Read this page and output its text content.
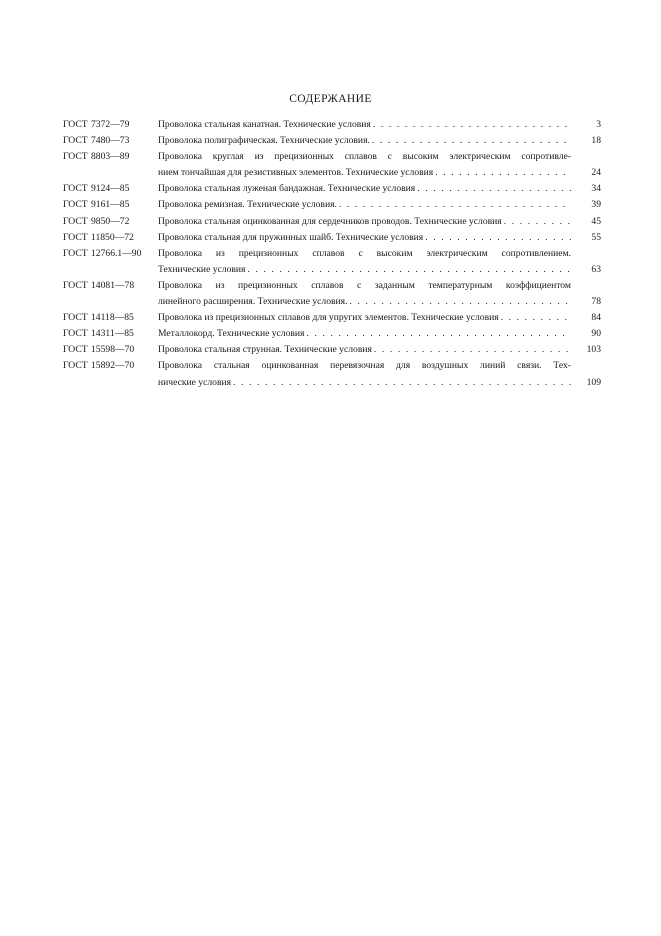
СОДЕРЖАНИЕ
ГОСТ 7372—79	Проволока стальная канатная. Технические условия . . .	3
ГОСТ 7480—73	Проволока полиграфическая. Технические условия. . . .	18
ГОСТ 8803—89	Проволока круглая из прецизионных сплавов с высоким электрическим сопротивле-
нием тончайшая для резистивных элементов. Технические условия . . .	24
ГОСТ 9124—85	Проволока стальная луженая бандажная. Технические условия . . .	34
ГОСТ 9161—85	Проволока ремизная. Технические условия. . . .	39
ГОСТ 9850—72	Проволока стальная оцинкованная для сердечников проводов. Технические условия . . .	45
ГОСТ 11850—72	Проволока стальная для пружинных шайб. Технические условия . . .	55
ГОСТ 12766.1—90 Проволока из прецизионных сплавов с высоким электрическим сопротивлением.
Технические условия . . .	63
ГОСТ 14081—78 Проволока из прецизионных сплавов с заданным температурным коэффициентом
линейного расширения. Технические условия. . . .	78
ГОСТ 14118—85	Проволока из прецизионных сплавов для упругих элементов. Технические условия . . .	84
ГОСТ 14311—85	Металлокорд. Технические условия . . .	90
ГОСТ 15598—70 Проволока стальная струнная. Технические условия . . .	103
ГОСТ 15892—70 Проволока стальная оцинкованная перевязочная для воздушных линий связи. Тех-
нические условия . . .	109
